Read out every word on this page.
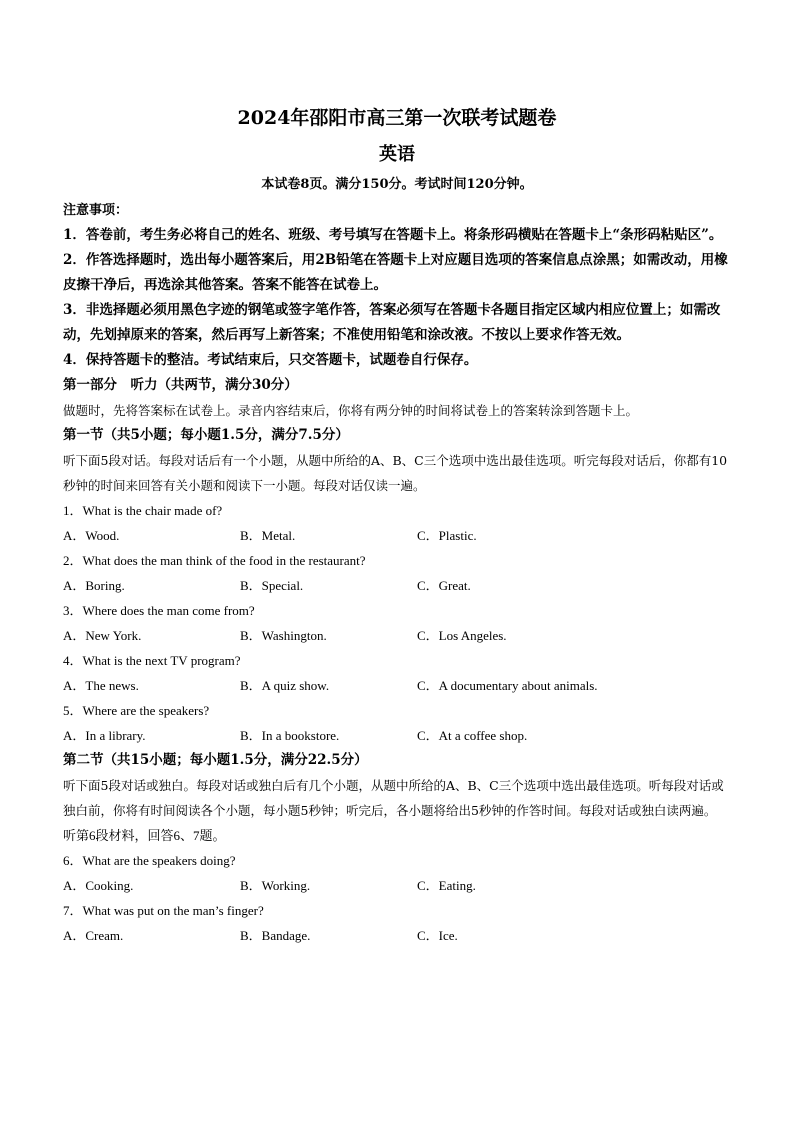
2024年邵阳市高三第一次联考试题卷
英语
本试卷8页。满分150分。考试时间120分钟。
注意事项：

1．答卷前，考生务必将自己的姓名、班级、考号填写在答题卡上。将条形码横贴在答题卡上“条形码粘贴区”。

2．作答选择题时，选出每小题答案后，用2B铅笔在答题卡上对应题目选项的答案信息点涂黑；如需改动，用橡皮擦干净后，再选涂其他答案。答案不能答在试卷上。

3．非选择题必须用黑色字迹的钢笔或签字笔作答，答案必须写在答题卡各题目指定区域内相应位置上；如需改动，先划掉原来的答案，然后再写上新答案；不准使用铅笔和涂改液。不按以上要求作答无效。

4．保持答题卡的整洁。考试结束后，只交答题卡，试题卷自行保存。

第一部分　听力（共两节，满分30分）

做题时，先将答案标在试卷上。录音内容结束后，你将有两分钟的时间将试卷上的答案转涂到答题卡上。

第一节（共5小题；每小题1.5分，满分7.5分）

听下面5段对话。每段对话后有一个小题，从题中所给的A、B、C三个选项中选出最佳选项。听完每段对话后，你都有10秒钟的时间来回答有关小题和阅读下一小题。每段对话仅读一遍。

1．What is the chair made of?
A．Wood.	B．Metal.	C．Plastic.
2．What does the man think of the food in the restaurant?
A．Boring.	B．Special.	C．Great.
3．Where does the man come from?
A．New York.	B．Washington.	C．Los Angeles.
4．What is the next TV program?
A．The news.	B．A quiz show.	C．A documentary about animals.
5．Where are the speakers?
A．In a library.	B．In a bookstore.	C．At a coffee shop.
第二节（共15小题；每小题1.5分，满分22.5分）

听下面5段对话或独白。每段对话或独白后有几个小题，从题中所给的A、B、C三个选项中选出最佳选项。听每段对话或独白前，你将有时间阅读各个小题，每小题5秒钟；听完后，各小题将给出5秒钟的作答时间。每段对话或独白读两遍。

听第6段材料，回答6、7题。
6．What are the speakers doing?
A．Cooking.	B．Working.	C．Eating.
7．What was put on the man’s finger?
A．Cream.	B．Bandage.	C．Ice.
